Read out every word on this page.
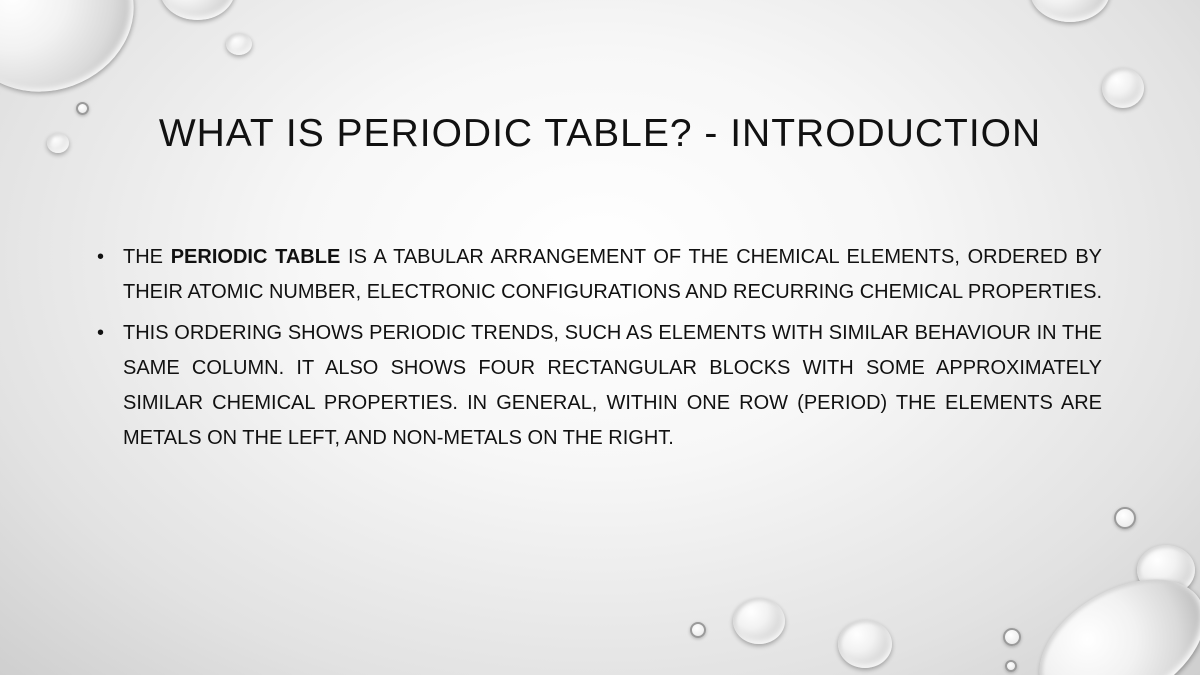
WHAT IS PERIODIC TABLE? - INTRODUCTION
• THE PERIODIC TABLE IS A TABULAR ARRANGEMENT OF THE CHEMICAL ELEMENTS, ORDERED BY THEIR ATOMIC NUMBER, ELECTRONIC CONFIGURATIONS AND RECURRING CHEMICAL PROPERTIES.
• THIS ORDERING SHOWS PERIODIC TRENDS, SUCH AS ELEMENTS WITH SIMILAR BEHAVIOUR IN THE SAME COLUMN. IT ALSO SHOWS FOUR RECTANGULAR BLOCKS WITH SOME APPROXIMATELY SIMILAR CHEMICAL PROPERTIES. IN GENERAL, WITHIN ONE ROW (PERIOD) THE ELEMENTS ARE METALS ON THE LEFT, AND NON-METALS ON THE RIGHT.
